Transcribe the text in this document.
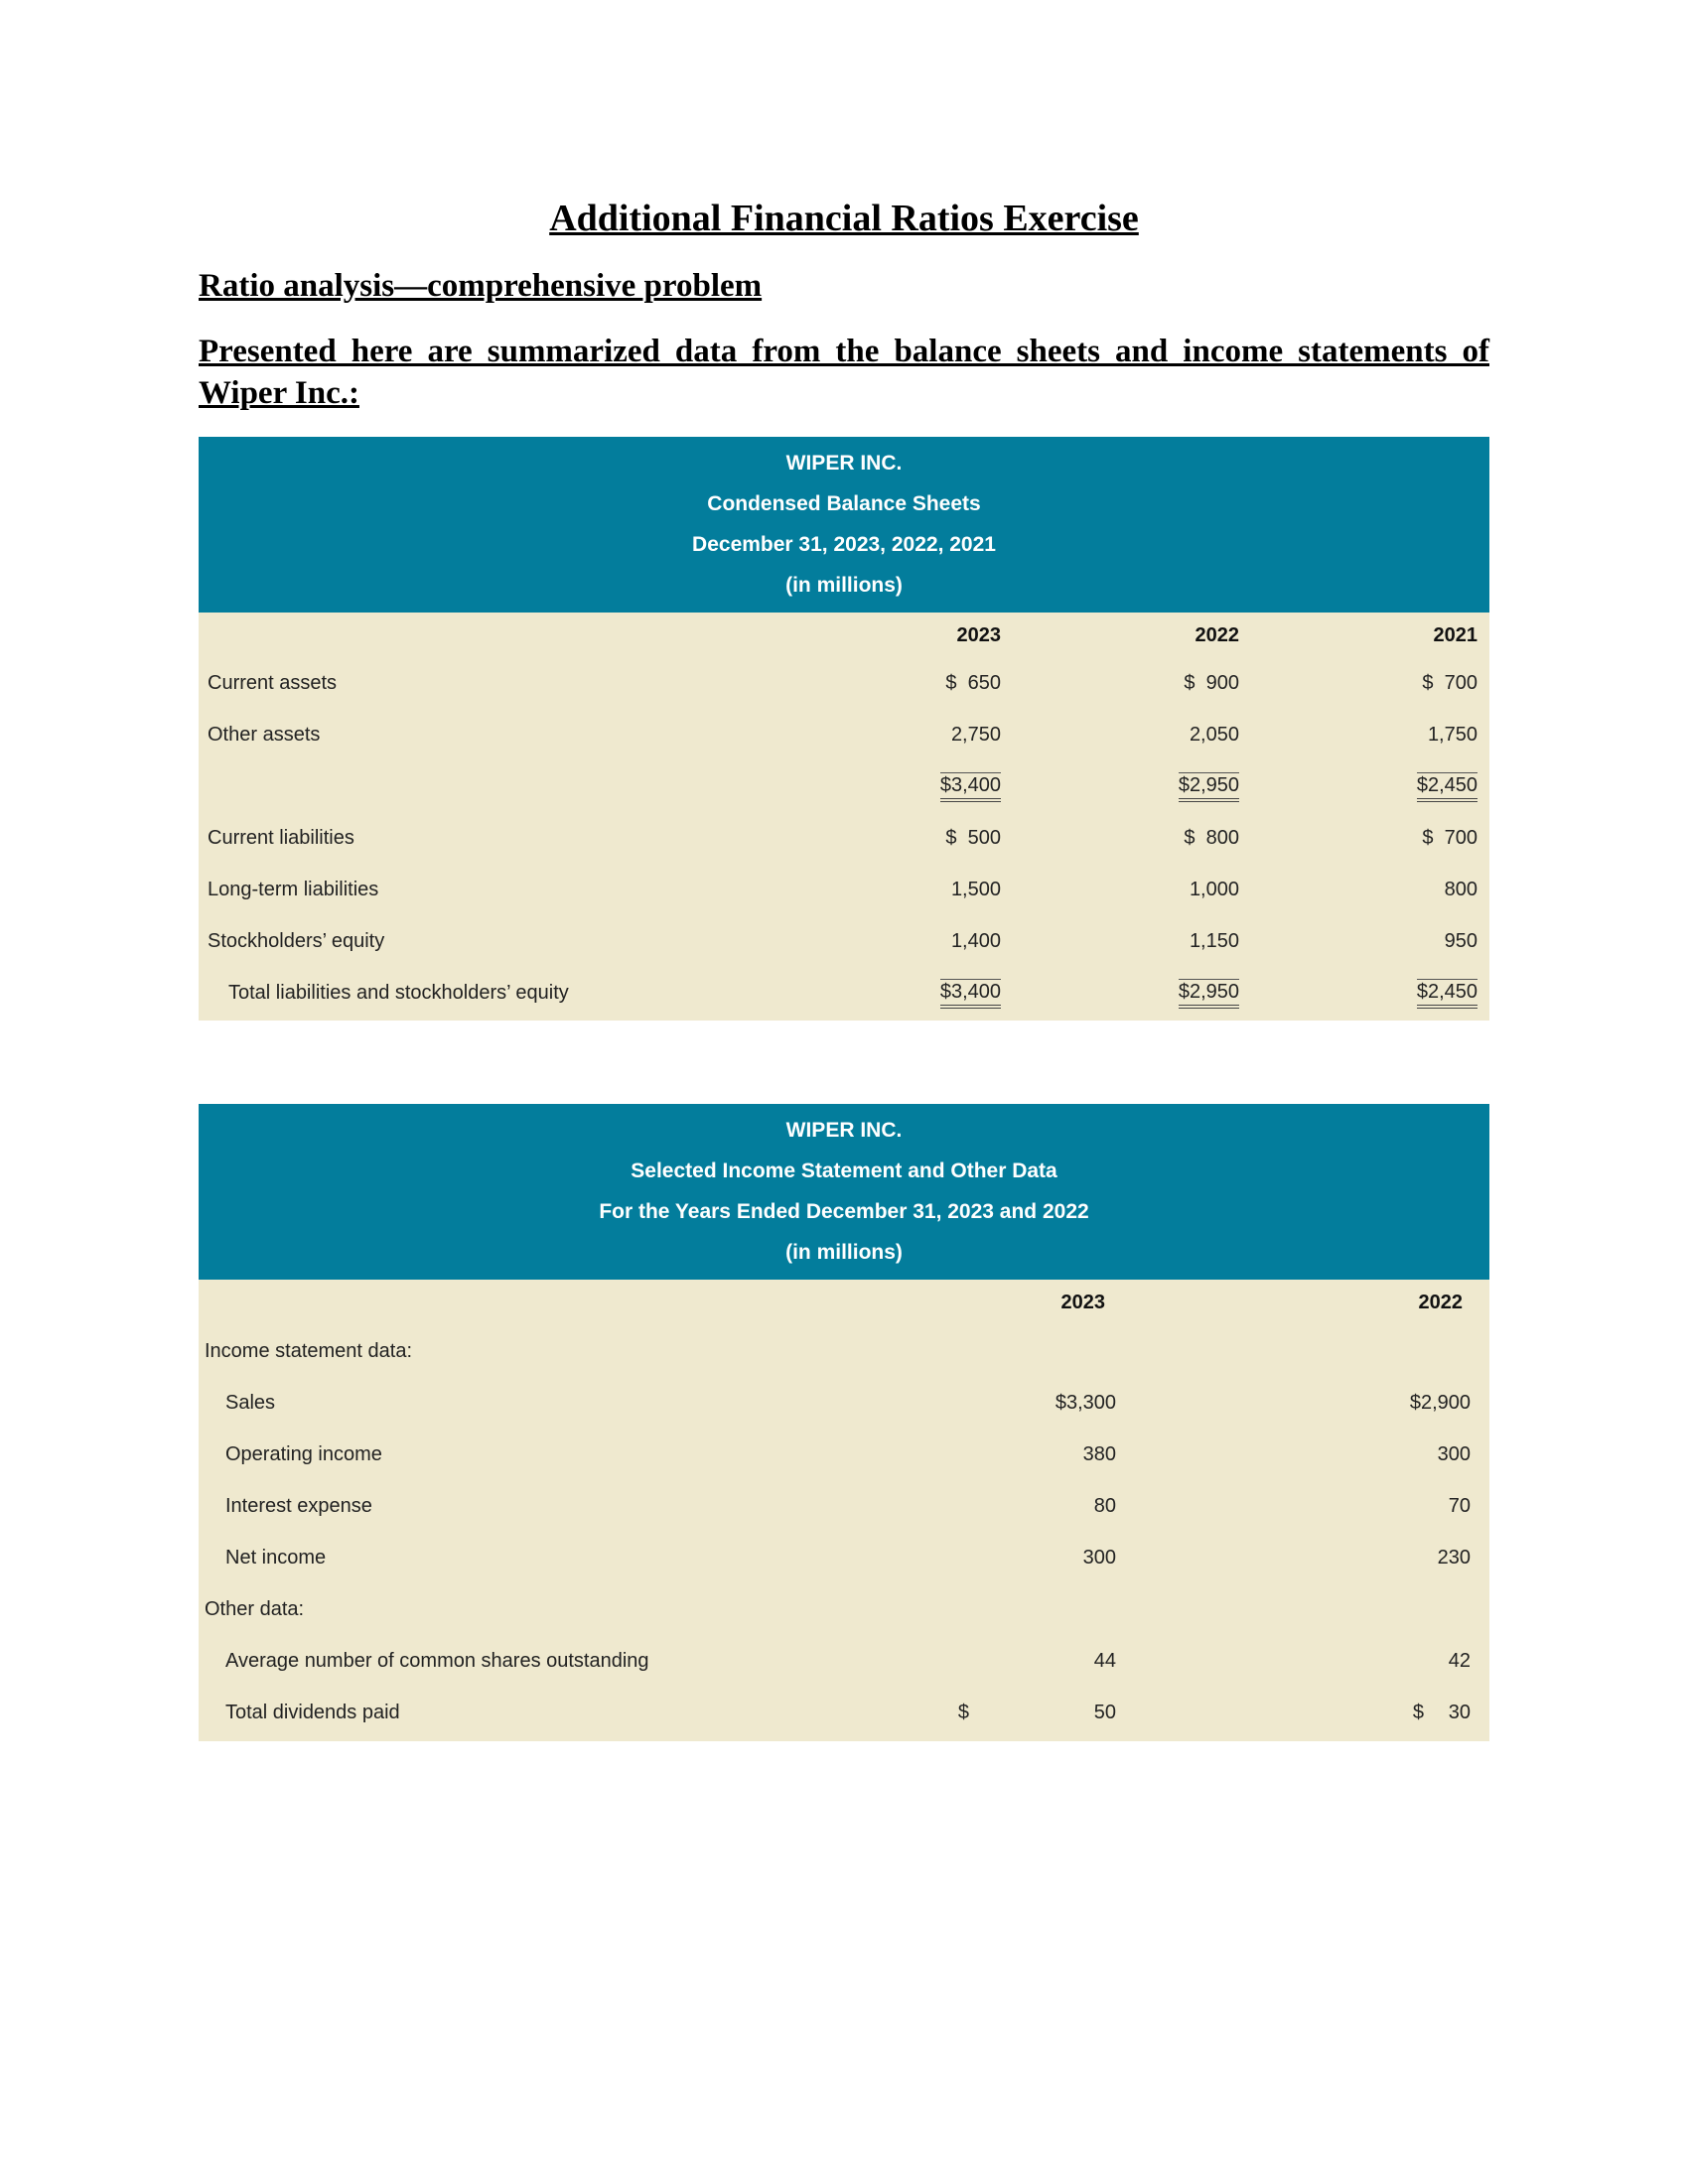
Additional Financial Ratios Exercise
Ratio analysis—comprehensive problem
Presented here are summarized data from the balance sheets and income statements of Wiper Inc.:
WIPER INC.
Condensed Balance Sheets
December 31, 2023, 2022, 2021
(in millions)
2023	2022	2021
Current assets	$  650	$  900	$  700
Other assets	2,750	2,050	1,750
$3,400	$2,950	$2,450
Current liabilities	$  500	$  800	$  700
Long-term liabilities	1,500	1,000	800
Stockholders’ equity	1,400	1,150	950
Total liabilities and stockholders’ equity	$3,400	$2,950	$2,450
WIPER INC.
Selected Income Statement and Other Data
For the Years Ended December 31, 2023 and 2022
(in millions)
2023	2022
Income statement data:
Sales	$3,300	$2,900
Operating income	380	300
Interest expense	80	70
Net income	300	230
Other data:
Average number of common shares outstanding	44	42
Total dividends paid	$	50	$ 30
